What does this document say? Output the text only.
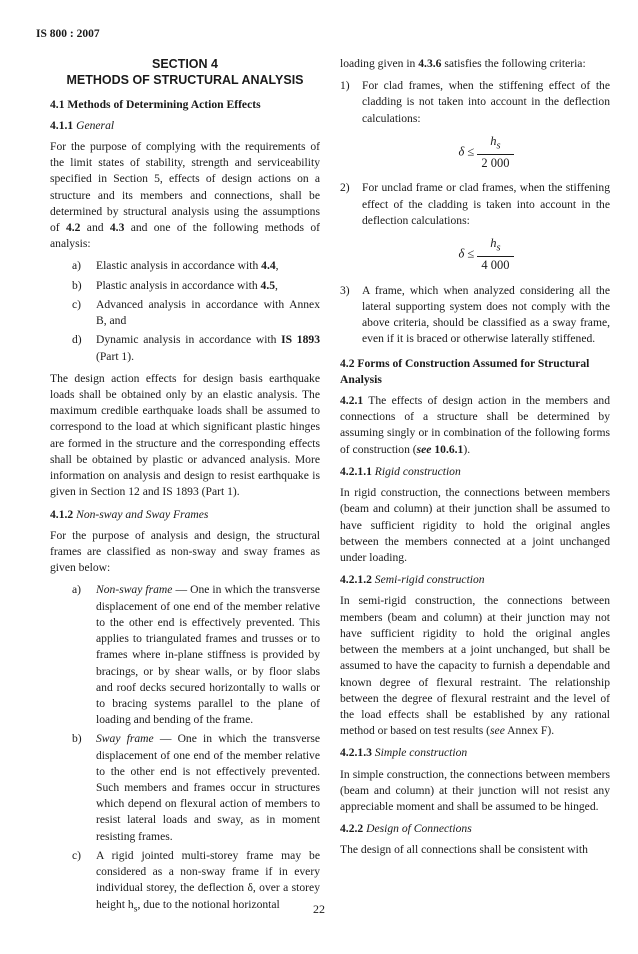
IS 800 : 2007
SECTION 4
METHODS OF STRUCTURAL ANALYSIS
4.1 Methods of Determining Action Effects
4.1.1 General

For the purpose of complying with the requirements of the limit states of stability, strength and serviceability specified in Section 5, effects of design actions on a structure and its members and connections, shall be determined by structural analysis using the assumptions of 4.2 and 4.3 and one of the following methods of analysis:

a) Elastic analysis in accordance with 4.4,
b) Plastic analysis in accordance with 4.5,
c) Advanced analysis in accordance with Annex B, and
d) Dynamic analysis in accordance with IS 1893 (Part 1).

The design action effects for design basis earthquake loads shall be obtained only by an elastic analysis. The maximum credible earthquake loads shall be assumed to correspond to the load at which significant plastic hinges are formed in the structure and the corresponding effects shall be obtained by plastic or advanced analysis. More information on analysis and design to resist earthquake is given in Section 12 and IS 1893 (Part 1).

4.1.2 Non-sway and Sway Frames

For the purpose of analysis and design, the structural frames are classified as non-sway and sway frames as given below:

a) Non-sway frame — One in which the transverse displacement of one end of the member relative to the other end is effectively prevented. This applies to triangulated frames and trusses or to frames where in-plane stiffness is provided by bracings, or by shear walls, or by floor slabs and roof decks secured horizontally to walls or to bracing systems parallel to the plane of loading and bending of the frame.
b) Sway frame — One in which the transverse displacement of one end of the member relative to the other end is not effectively prevented. Such members and frames occur in structures which depend on flexural action of members to resist lateral loads and sway, as in moment resisting frames.
c) A rigid jointed multi-storey frame may be considered as a non-sway frame if in every individual storey, the deflection δ, over a storey height $h_s$, due to the notional horizontal

loading given in 4.3.6 satisfies the following criteria:

1) For clad frames, when the stiffening effect of the cladding is not taken into account in the deflection calculations:
$\delta \le \frac{h_s}{2 000}$
2) For unclad frame or clad frames, when the stiffening effect of the cladding is taken into account in the deflection calculations:
$\delta \le \frac{h_s}{4 000}$
3) A frame, which when analyzed considering all the lateral supporting system does not comply with the above criteria, should be classified as a sway frame, even if it is braced or otherwise laterally stiffened.
4.2 Forms of Construction Assumed for Structural Analysis

4.2.1 The effects of design action in the members and connections of a structure shall be determined by assuming singly or in combination of the following forms of construction (see 10.6.1).

4.2.1.1 Rigid construction

In rigid construction, the connections between members (beam and column) at their junction shall be assumed to have sufficient rigidity to hold the original angles between the members connected at a joint unchanged under loading.

4.2.1.2 Semi-rigid construction

In semi-rigid construction, the connections between members (beam and column) at their junction may not have sufficient rigidity to hold the original angles between the members at a joint unchanged, but shall be assumed to have the capacity to furnish a dependable and known degree of flexural restraint. The relationship between the degree of flexural restraint and the level of the load effects shall be established by any rational method or based on test results (see Annex F).

4.2.1.3 Simple construction

In simple construction, the connections between members (beam and column) at their junction will not resist any appreciable moment and shall be assumed to be hinged.

4.2.2 Design of Connections

The design of all connections shall be consistent with

22
